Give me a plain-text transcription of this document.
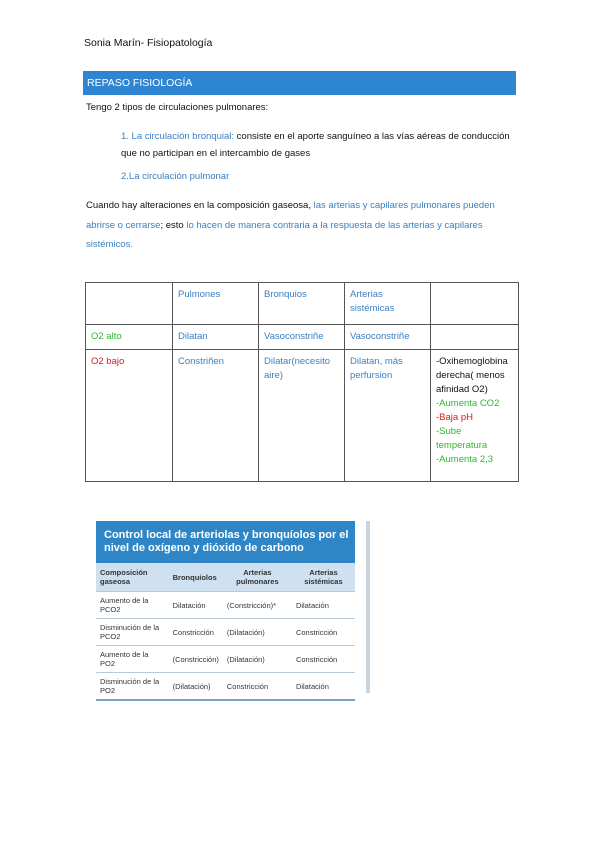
Sonia Marín- Fisiopatología
REPASO FISIOLOGÍA
Tengo 2 tipos de circulaciones pulmonares:
1. La circulación bronquial: consiste en el aporte sanguíneo a las vías aéreas de conducción que no participan en el intercambio de gases
2.La circulación pulmonar
Cuando hay alteraciones en la composición gaseosa, las arterias y capilares pulmonares pueden abrirse o cerrarse; esto lo hacen de manera contraria a la respuesta de las arterias y capilares sistémicos.
	Pulmones	Bronquios	Arterias sistémicas	
O2 alto	Dilatan	Vasoconstriñe	Vasoconstriñe	
O2 bajo	Constriñen	Dilatar(necesito aire)	Dilatan, más perfursion	-Oxihemoglobina derecha( menos afinidad O2)
-Aumenta CO2
-Baja pH
-Sube temperatura
-Aumenta 2,3
Control local de arteriolas y bronquíolos por el nivel de oxígeno y dióxido de carbono
Composición gaseosa	Bronquíolos	Arterias pulmonares	Arterias sistémicas
Aumento de la PCO2	Dilatación	(Constricción)*	Dilatación
Disminución de la PCO2	Constricción	(Dilatación)	Constricción
Aumento de la PO2	(Constricción)	(Dilatación)	Constricción
Disminución de la PO2	(Dilatación)	Constricción	Dilatación
